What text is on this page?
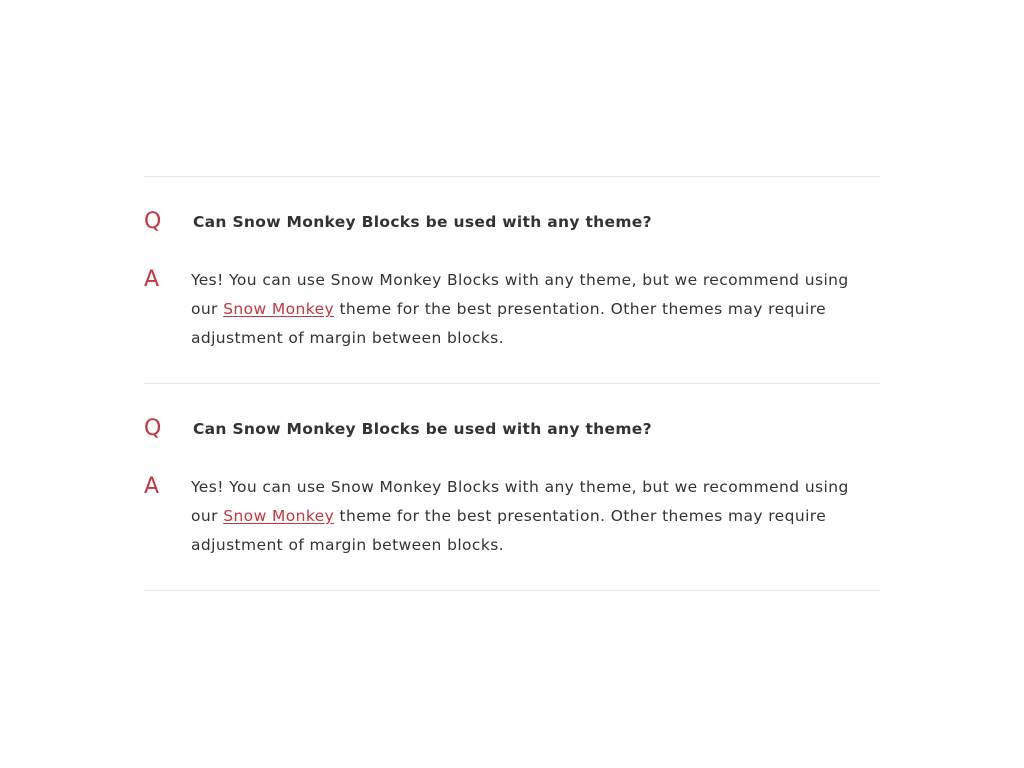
Q	Can Snow Monkey Blocks be used with any theme?
A	Yes! You can use Snow Monkey Blocks with any theme, but we recommend using our Snow Monkey theme for the best presentation. Other themes may require adjustment of margin between blocks.
Q	Can Snow Monkey Blocks be used with any theme?
A	Yes! You can use Snow Monkey Blocks with any theme, but we recommend using our Snow Monkey theme for the best presentation. Other themes may require adjustment of margin between blocks.
